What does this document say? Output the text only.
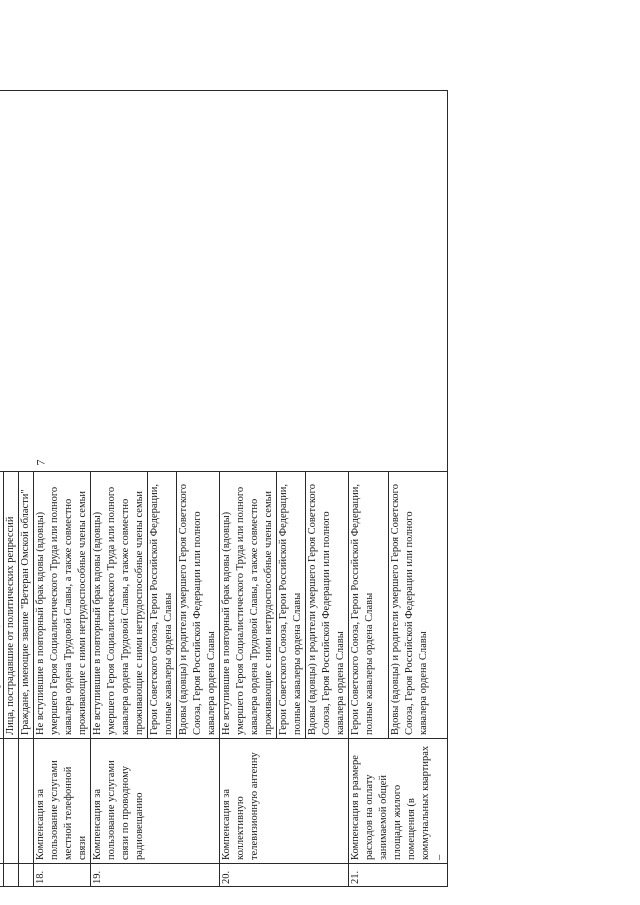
7

		Лица, пострадавшие от политических репрессий	
		Граждане, имеющие звание "Ветеран Омской области"	
18.	Компенсация за пользование услугами местной телефонной связи	Не вступившие в повторный брак вдовы (вдовцы) умершего Героя Социалистического Труда или полного кавалера ордена Трудовой Славы, а также совместно проживающие с ними нетрудоспособные члены семьи	
19.	Компенсация за пользование услугами связи по проводному радиовещанию	Не вступившие в повторный брак вдовы (вдовцы) умершего Героя Социалистического Труда или полного кавалера ордена Трудовой Славы, а также совместно проживающие с ними нетрудоспособные члены семьи	
		Герои Советского Союза, Герои Российской Федерации, полные кавалеры ордена Славы	
		Вдовы (вдовцы) и родители умершего Героя Советского Союза, Героя Российской Федерации или полного кавалера ордена Славы	
20.	Компенсация за коллективную телевизионную антенну	Не вступившие в повторный брак вдовы (вдовцы) умершего Героя Социалистического Труда или полного кавалера ордена Трудовой Славы, а также совместно проживающие с ними нетрудоспособные члены семьи	
		Герои Советского Союза, Герои Российской Федерации, полные кавалеры ордена Славы	
		Вдовы (вдовцы) и родители умершего Героя Советского Союза, Героя Российской Федерации или полного кавалера ордена Славы	
21.	Компенсация в размере расходов на оплату занимаемой общей площади жилого помещения (в коммунальных квартирах –	Герои Советского Союза, Герои Российской Федерации, полные кавалеры ордена Славы	
		Вдовы (вдовцы) и родители умершего Героя Советского Союза, Героя Российской Федерации или полного кавалера ордена Славы	
